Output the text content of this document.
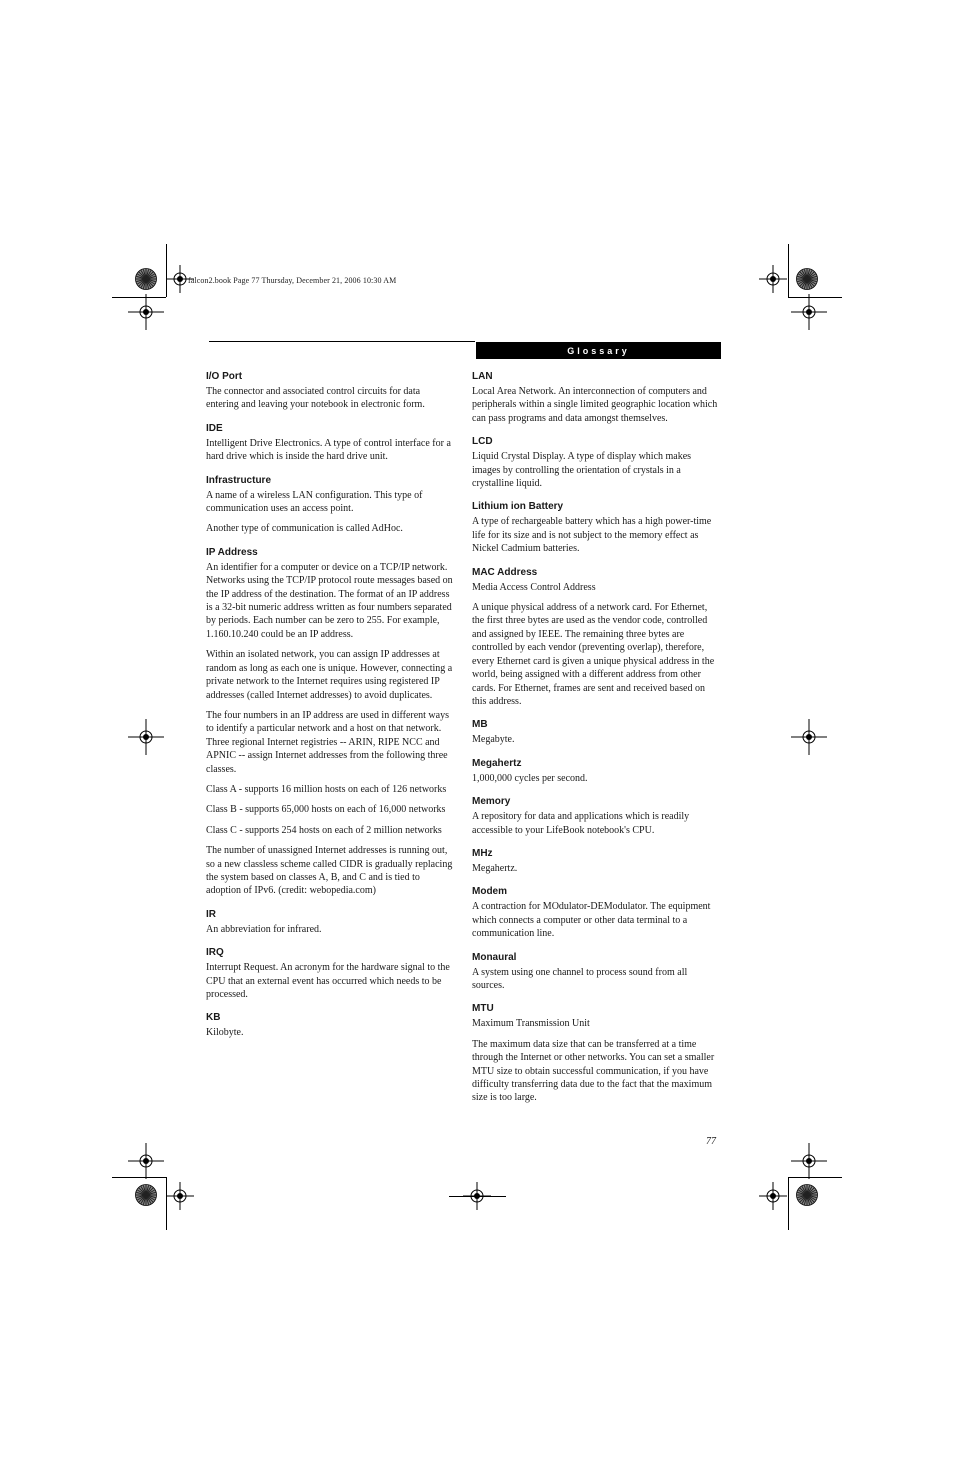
falcon2.book Page 77 Thursday, December 21, 2006 10:30 AM
Glossary
I/O Port
The connector and associated control circuits for data entering and leaving your notebook in electronic form.
IDE
Intelligent Drive Electronics. A type of control interface for a hard drive which is inside the hard drive unit.
Infrastructure
A name of a wireless LAN configuration. This type of communication uses an access point.
Another type of communication is called AdHoc.
IP Address
An identifier for a computer or device on a TCP/IP network. Networks using the TCP/IP protocol route messages based on the IP address of the destination. The format of an IP address is a 32-bit numeric address written as four numbers separated by periods. Each number can be zero to 255. For example, 1.160.10.240 could be an IP address.
Within an isolated network, you can assign IP addresses at random as long as each one is unique. However, connecting a private network to the Internet requires using registered IP addresses (called Internet addresses) to avoid duplicates.
The four numbers in an IP address are used in different ways to identify a particular network and a host on that network. Three regional Internet registries -- ARIN, RIPE NCC and APNIC -- assign Internet addresses from the following three classes.
Class A - supports 16 million hosts on each of 126 networks
Class B - supports 65,000 hosts on each of 16,000 networks
Class C - supports 254 hosts on each of 2 million networks
The number of unassigned Internet addresses is running out, so a new classless scheme called CIDR is gradually replacing the system based on classes A, B, and C and is tied to adoption of IPv6. (credit: webopedia.com)
IR
An abbreviation for infrared.
IRQ
Interrupt Request. An acronym for the hardware signal to the CPU that an external event has occurred which needs to be processed.
KB
Kilobyte.
LAN
Local Area Network. An interconnection of computers and peripherals within a single limited geographic location which can pass programs and data amongst themselves.
LCD
Liquid Crystal Display. A type of display which makes images by controlling the orientation of crystals in a crystalline liquid.
Lithium ion Battery
A type of rechargeable battery which has a high power-time life for its size and is not subject to the memory effect as Nickel Cadmium batteries.
MAC Address
Media Access Control Address
A unique physical address of a network card. For Ethernet, the first three bytes are used as the vendor code, controlled and assigned by IEEE. The remaining three bytes are controlled by each vendor (preventing overlap), therefore, every Ethernet card is given a unique physical address in the world, being assigned with a different address from other cards. For Ethernet, frames are sent and received based on this address.
MB
Megabyte.
Megahertz
1,000,000 cycles per second.
Memory
A repository for data and applications which is readily accessible to your LifeBook notebook's CPU.
MHz
Megahertz.
Modem
A contraction for MOdulator-DEModulator. The equipment which connects a computer or other data terminal to a communication line.
Monaural
A system using one channel to process sound from all sources.
MTU
Maximum Transmission Unit
The maximum data size that can be transferred at a time through the Internet or other networks. You can set a smaller MTU size to obtain successful communication, if you have difficulty transferring data due to the fact that the maximum size is too large.
77
